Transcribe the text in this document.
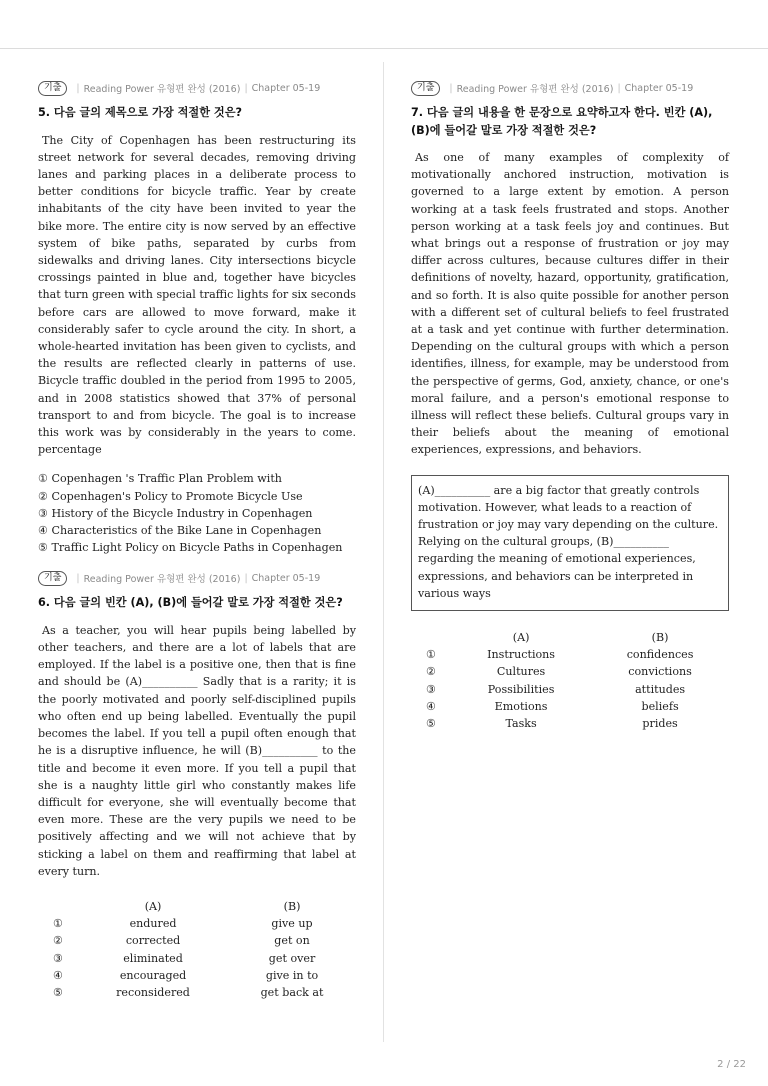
기출	| Reading Power 유형편 완성 (2016) | Chapter 05-19
5. 다음 글의 제목으로 가장 적절한 것은?

The City of Copenhagen has been restructuring its street network for several decades, removing driving lanes and parking places in a deliberate process to better conditions for bicycle traffic. Year by create inhabitants of the city have been invited to year the bike more. The entire city is now served by an effective system of bike paths, separated by curbs from sidewalks and driving lanes. City intersections bicycle crossings painted in blue and, together have bicycles that turn green with special traffic lights for six seconds before cars are allowed to move forward, make it considerably safer to cycle around the city. In short, a whole-hearted invitation has been given to cyclists, and the results are reflected clearly in patterns of use. Bicycle traffic doubled in the period from 1995 to 2005, and in 2008 statistics showed that 37% of personal transport to and from bicycle. The goal is to increase this work was by considerably in the years to come. percentage

① Copenhagen 's Traffic Plan Problem with
② Copenhagen's Policy to Promote Bicycle Use
③ History of the Bicycle Industry in Copenhagen
④ Characteristics of the Bike Lane in Copenhagen
⑤ Traffic Light Policy on Bicycle Paths in Copenhagen
기출	| Reading Power 유형편 완성 (2016) | Chapter 05-19
6. 다음 글의 빈칸 (A), (B)에 들어갈 말로 가장 적절한 것은?

As a teacher, you will hear pupils being labelled by other teachers, and there are a lot of labels that are employed. If the label is a positive one, then that is fine and should be (A)__________ Sadly that is a rarity; it is the poorly motivated and poorly self-disciplined pupils who often end up being labelled. Eventually the pupil becomes the label. If you tell a pupil often enough that he is a disruptive influence, he will (B)__________ to the title and become it even more. If you tell a pupil that she is a naughty little girl who constantly makes life difficult for everyone, she will eventually become that even more. These are the very pupils we need to be positively affecting and we will not achieve that by sticking a label on them and reaffirming that label at every turn.

	(A)	(B)
①	endured	give up
②	corrected	get on
③	eliminated	get over
④	encouraged	give in to
⑤	reconsidered	get back at
기출	| Reading Power 유형편 완성 (2016) | Chapter 05-19
7. 다음 글의 내용을 한 문장으로 요약하고자 한다. 빈칸 (A), (B)에 들어갈 말로 가장 적절한 것은?

As one of many examples of complexity of motivationally anchored instruction, motivation is governed to a large extent by emotion. A person working at a task feels frustrated and stops. Another person working at a task feels joy and continues. But what brings out a response of frustration or joy may differ across cultures, because cultures differ in their definitions of novelty, hazard, opportunity, gratification, and so forth. It is also quite possible for another person with a different set of cultural beliefs to feel frustrated at a task and yet continue with further determination. Depending on the cultural groups with which a person identifies, illness, for example, may be understood from the perspective of germs, God, anxiety, chance, or one's moral failure, and a person's emotional response to illness will reflect these beliefs. Cultural groups vary in their beliefs about the meaning of emotional experiences, expressions, and behaviors.

(A)__________ are a big factor that greatly controls motivation. However, what leads to a reaction of frustration or joy may vary depending on the culture. Relying on the cultural groups, (B)__________ regarding the meaning of emotional experiences, expressions, and behaviors can be interpreted in various ways
	(A)	(B)
①	Instructions	confidences
②	Cultures	convictions
③	Possibilities	attitudes
④	Emotions	beliefs
⑤	Tasks	prides
2 / 22
